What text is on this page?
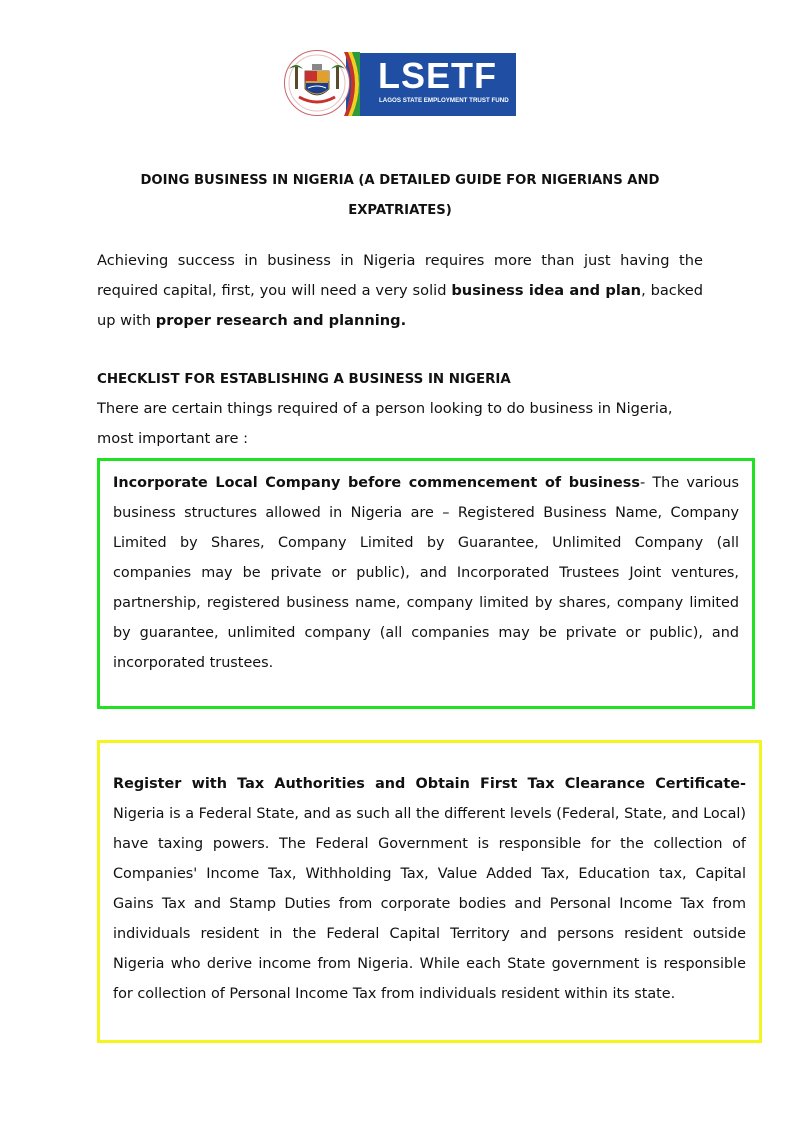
LSETF
LAGOS STATE EMPLOYMENT TRUST FUND
DOING BUSINESS IN NIGERIA (A DETAILED GUIDE FOR NIGERIANS AND
EXPATRIATES)
Achieving success in business in Nigeria requires more than just having the required capital, first, you will need a very solid business idea and plan, backed up with proper research and planning.
CHECKLIST FOR ESTABLISHING A BUSINESS IN NIGERIA
There are certain things required of a person looking to do business in Nigeria, most important are :
Incorporate Local Company before commencement of business- The various business structures allowed in Nigeria are – Registered Business Name, Company Limited by Shares, Company Limited by Guarantee, Unlimited Company (all companies may be private or public), and Incorporated Trustees Joint ventures, partnership, registered business name, company limited by shares, company limited by guarantee, unlimited company (all companies may be private or public), and incorporated trustees.
Register with Tax Authorities and Obtain First Tax Clearance Certificate- Nigeria is a Federal State, and as such all the different levels (Federal, State, and Local) have taxing powers. The Federal Government is responsible for the collection of Companies' Income Tax, Withholding Tax, Value Added Tax, Education tax, Capital Gains Tax and Stamp Duties from corporate bodies and Personal Income Tax from individuals resident in the Federal Capital Territory and persons resident outside Nigeria who derive income from Nigeria. While each State government is responsible for collection of Personal Income Tax from individuals resident within its state.
